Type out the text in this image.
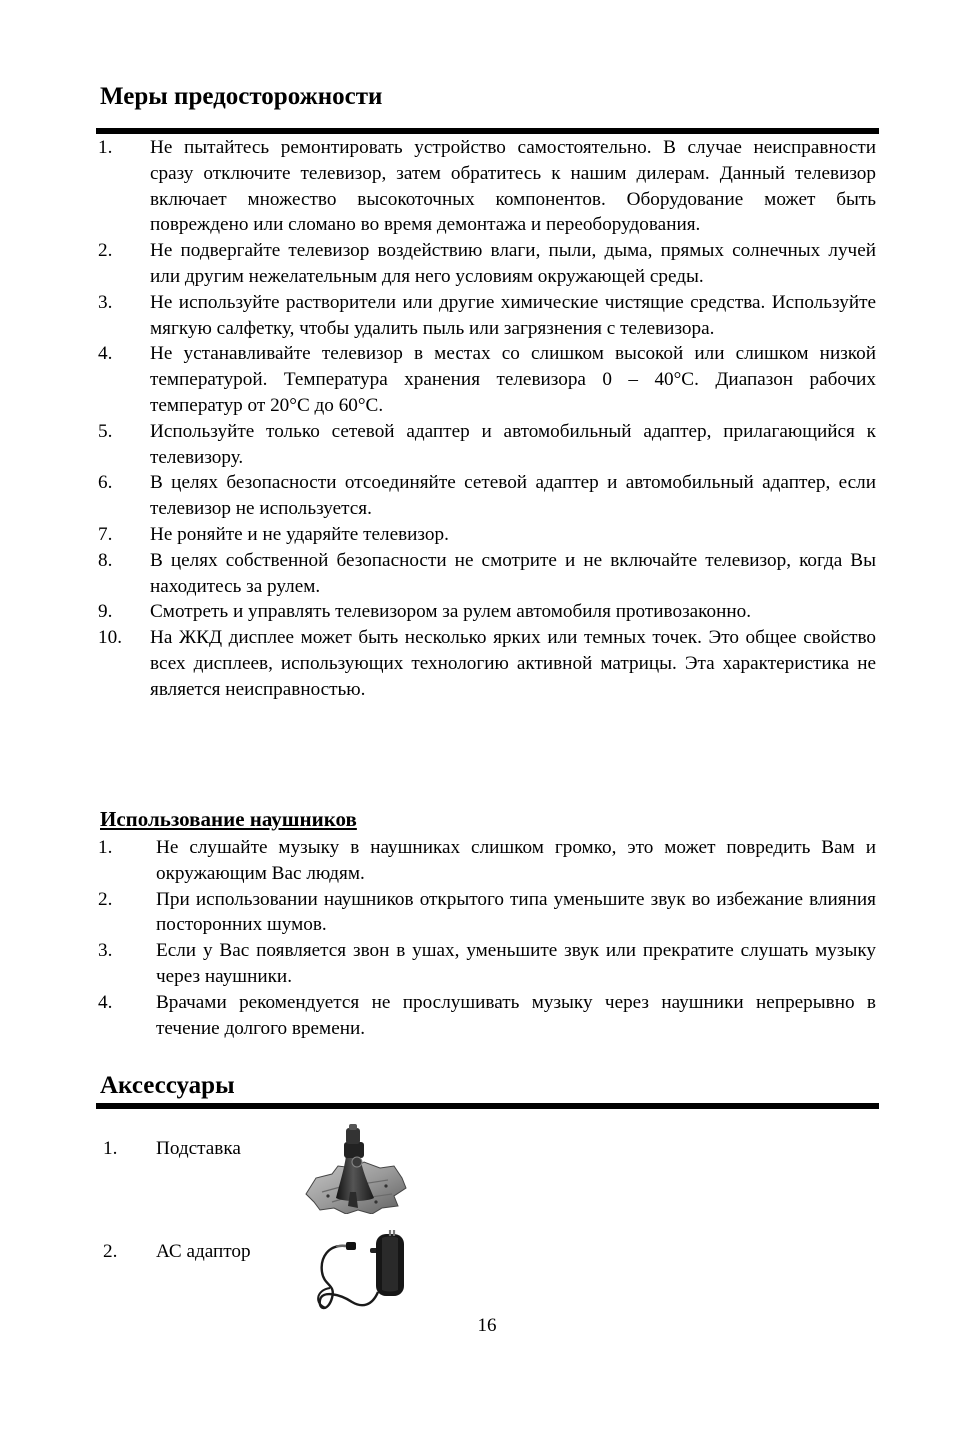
Меры предосторожности
1. Не пытайтесь ремонтировать устройство самостоятельно. В случае неисправности сразу отключите телевизор, затем обратитесь к нашим дилерам. Данный телевизор включает множество высокоточных компонентов. Оборудование может быть повреждено или сломано во время демонтажа и переоборудования.
2. Не подвергайте телевизор воздействию влаги, пыли, дыма, прямых солнечных лучей или другим нежелательным для него условиям окружающей среды.
3. Не используйте растворители или другие химические чистящие средства. Используйте мягкую салфетку, чтобы удалить пыль или загрязнения с телевизора.
4. Не устанавливайте телевизор в местах со слишком высокой или слишком низкой температурой. Температура хранения телевизора 0 – 40°С. Диапазон рабочих температур от 20°С до 60°С.
5. Используйте только сетевой адаптер и автомобильный адаптер, прилагающийся к телевизору.
6. В целях безопасности отсоединяйте сетевой адаптер и автомобильный адаптер, если телевизор не используется.
7. Не роняйте и не ударяйте телевизор.
8. В целях собственной безопасности не смотрите и не включайте телевизор, когда Вы находитесь за рулем.
9. Смотреть и управлять телевизором за рулем автомобиля противозаконно.
10. На ЖКД дисплее может быть несколько ярких или темных точек. Это общее свойство всех дисплеев, использующих технологию активной матрицы. Эта характеристика не является неисправностью.
Использование наушников
1. Не слушайте музыку в наушниках слишком громко, это может повредить Вам и окружающим Вас людям.
2. При использовании наушников открытого типа уменьшите звук во избежание влияния посторонних шумов.
3. Если у Вас появляется звон в ушах, уменьшите звук или прекратите слушать музыку через наушники.
4. Врачами рекомендуется не прослушивать музыку через наушники непрерывно в течение долгого времени.
Аксессуары
1. Подставка
2. АС адаптор
16
